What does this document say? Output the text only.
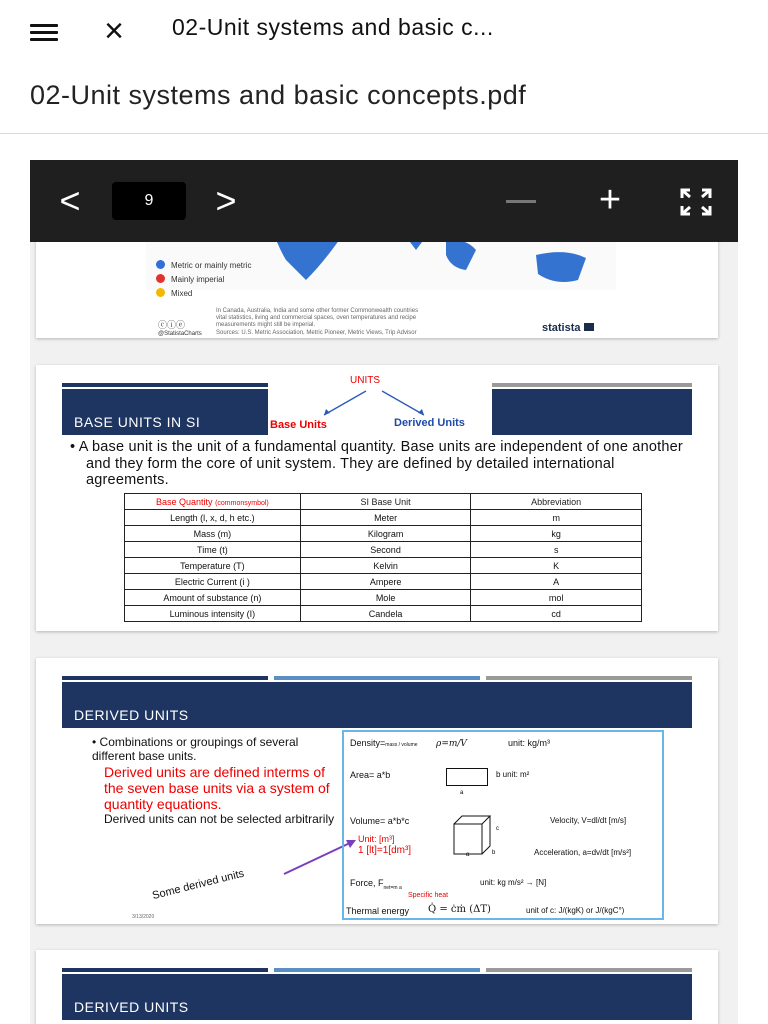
× 02-Unit systems and basic c...
02-Unit systems and basic concepts.pdf
Metric or mainly metric
Mainly imperial
Mixed
In Canada, Australia, India and some other former Commonwealth countries
vital statistics, living and commercial spaces, oven temperatures and recipe
measurements might still be imperial.
Sources: U.S. Metric Association, Metric Pioneer, Metric Views, Trip Advisor
ⓒⓘⓔ
@StatistaCharts	statista
BASE UNITS IN SI
UNITS
Base Units	Derived Units
• A base unit is the unit of a fundamental quantity. Base units are independent of one another and they form the core of unit system. They are defined by detailed international agreements.
Base Quantity (commonsymbol)	SI Base Unit	Abbreviation
Length (l, x, d, h etc.)	Meter	m
Mass (m)	Kilogram	kg
Time (t)	Second	s
Temperature (T)	Kelvin	K
Electric Current (i )	Ampere	A
Amount of substance (n)	Mole	mol
Luminous intensity (I)	Candela	cd
DERIVED UNITS
• Combinations or groupings of several different base units.
Derived units are defined interms of the seven base units via a system of quantity equations. Derived units can not be selected arbitrarily
Some derived units
3/13/2020
Density=mass / volume ρ=m/V	unit: kg/m³
Area= a*b
a
b unit: m²
Volume= a*b*c
Unit: [m³]
1 [lt]=1[dm³]
c
b
a
Velocity, V=dl/dt [m/s]
Acceleration, a=dv/dt [m/s²]
Force, $F_{net=m a}$
unit: kg m/s² → [N]
Specific heat
Thermal energy Q̇ = ċṁ (ΔT)	unit of c: J/(kgK) or J/(kgC°)
DERIVED UNITS
<	9	>	+
